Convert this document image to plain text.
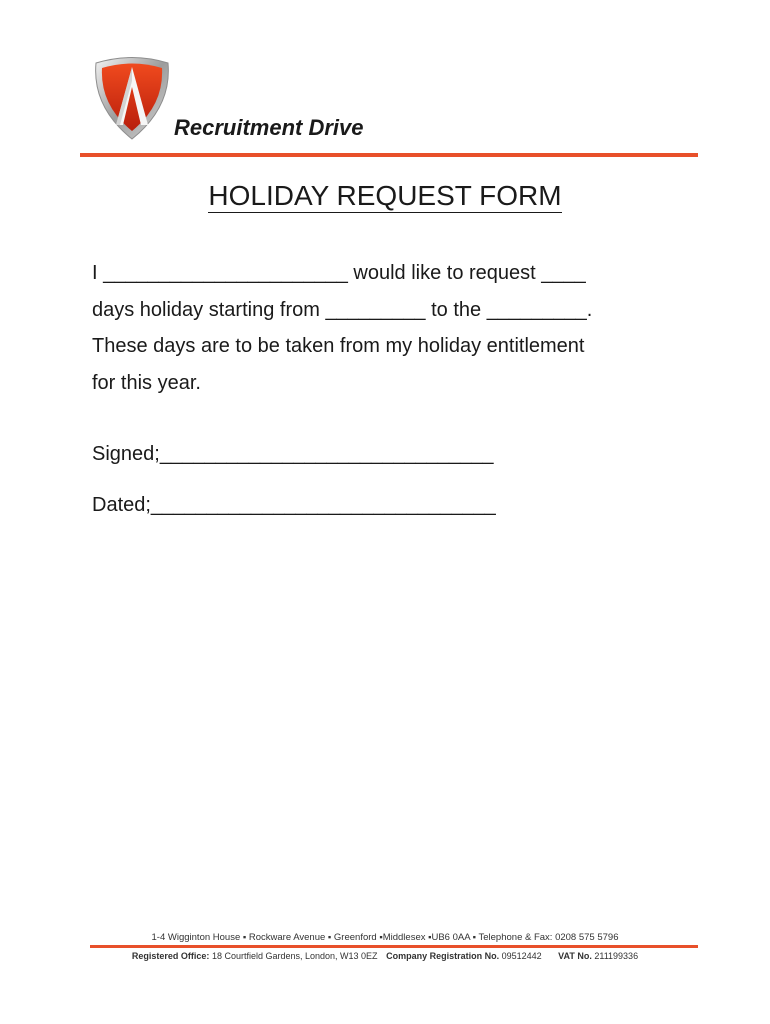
Recruitment Drive
HOLIDAY REQUEST FORM
I ______________________ would like to request ____
days holiday starting from _________ to the _________.
These days are to be taken from my holiday entitlement
for this year.
Signed;______________________________
Dated;_______________________________
1-4 Wigginton House ▪ Rockware Avenue ▪ Greenford ▪Middlesex ▪UB6 0AA ▪ Telephone & Fax: 0208 575 5796
Registered Office: 18 Courtfield Gardens, London, W13 0EZ Company Registration No. 09512442 VAT No. 211199336
